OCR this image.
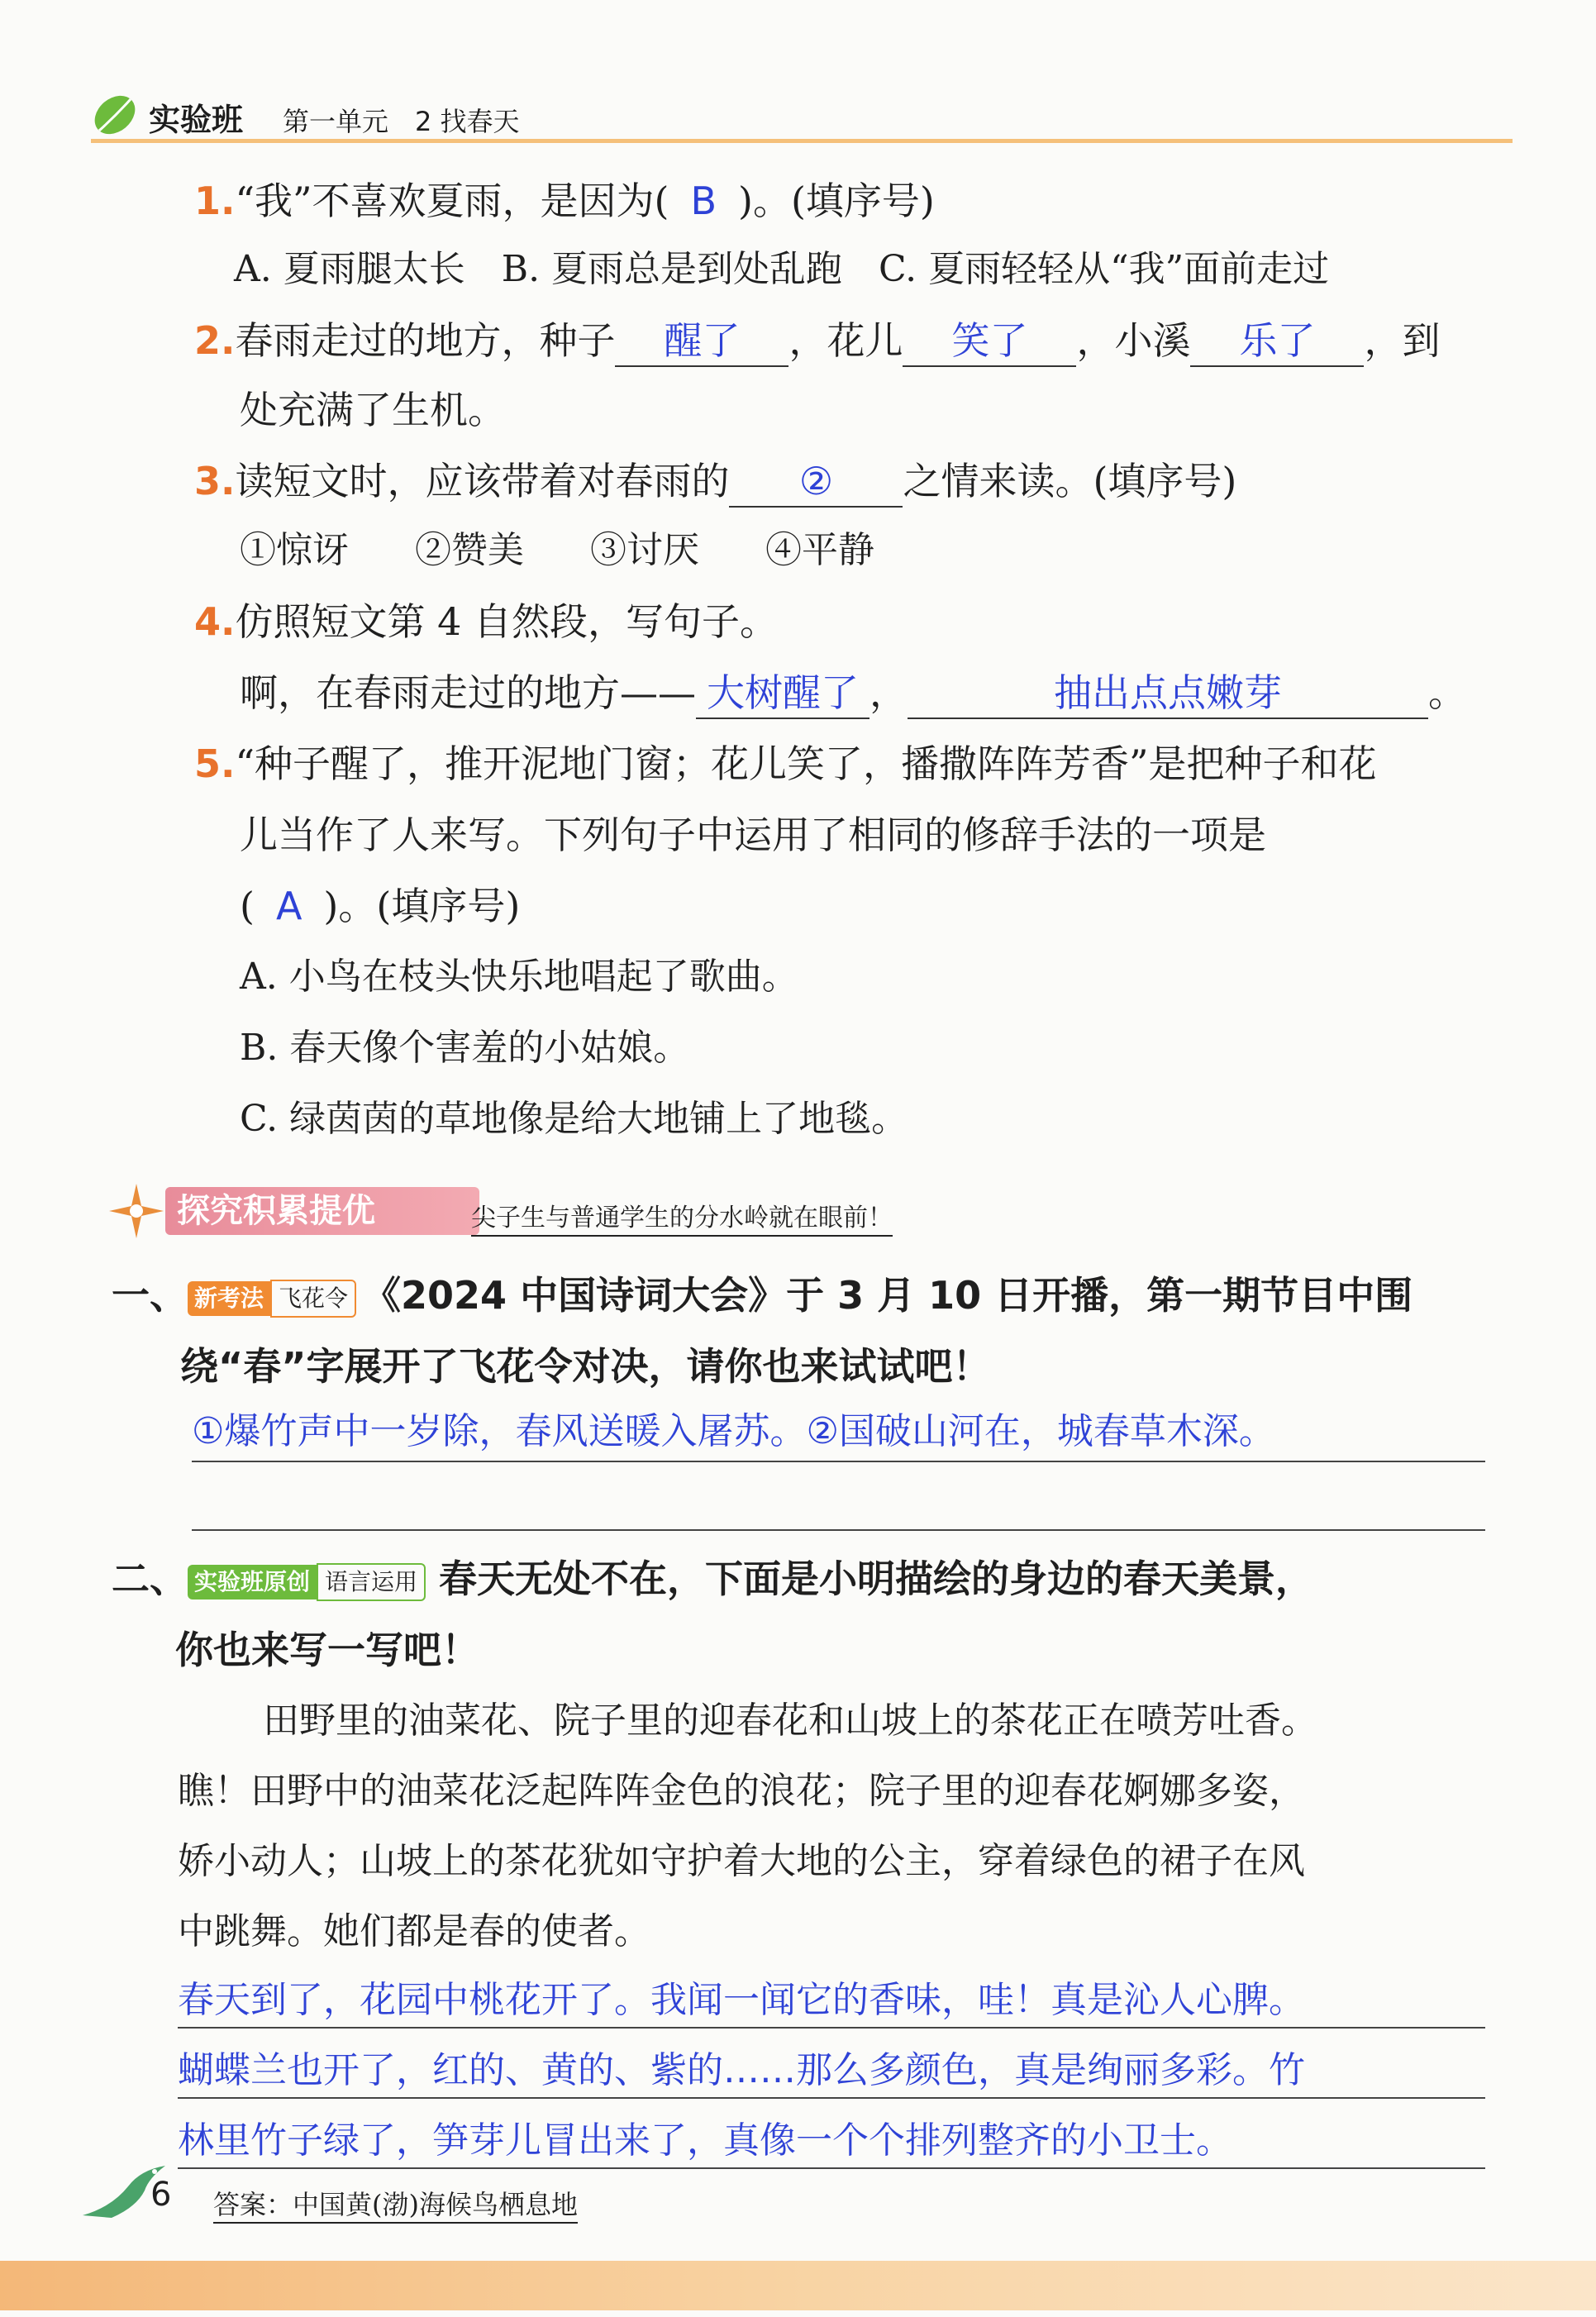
实验班 第一单元　2 找春天
1.“我”不喜欢夏雨，是因为( B )。(填序号)
A. 夏雨腿太长　B. 夏雨总是到处乱跑　C. 夏雨轻轻从“我”面前走过
2.春雨走过的地方，种子 醒了 ，花儿 笑了 ，小溪 乐了 ，到
处充满了生机。
3.读短文时，应该带着对春雨的 ② 之情来读。(填序号)
①惊讶 ②赞美 ③讨厌 ④平静
4.仿照短文第 4 自然段，写句子。
啊，在春雨走过的地方—— 大树醒了 ，	抽出点点嫩芽	。
5.“种子醒了，推开泥地门窗；花儿笑了，播撒阵阵芳香”是把种子和花
儿当作了人来写。下列句子中运用了相同的修辞手法的一项是
( A )。(填序号)
A. 小鸟在枝头快乐地唱起了歌曲。
B. 春天像个害羞的小姑娘。
C. 绿茵茵的草地像是给大地铺上了地毯。
探究积累提优	尖子生与普通学生的分水岭就在眼前！
一、 新考法 飞花令 《2024 中国诗词大会》于 3 月 10 日开播，第一期节目中围
绕“春”字展开了飞花令对决，请你也来试试吧！
①爆竹声中一岁除，春风送暖入屠苏。②国破山河在，城春草木深。
二、 实验班原创 语言运用 春天无处不在，下面是小明描绘的身边的春天美景，
你也来写一写吧！
田野里的油菜花、院子里的迎春花和山坡上的茶花正在喷芳吐香。
瞧！田野中的油菜花泛起阵阵金色的浪花；院子里的迎春花婀娜多姿，
娇小动人；山坡上的茶花犹如守护着大地的公主，穿着绿色的裙子在风
中跳舞。她们都是春的使者。
春天到了，花园中桃花开了。我闻一闻它的香味，哇！真是沁人心脾。
蝴蝶兰也开了，红的、黄的、紫的……那么多颜色，真是绚丽多彩。竹
林里竹子绿了，笋芽儿冒出来了，真像一个个排列整齐的小卫士。
6 答案：中国黄(渤)海候鸟栖息地
